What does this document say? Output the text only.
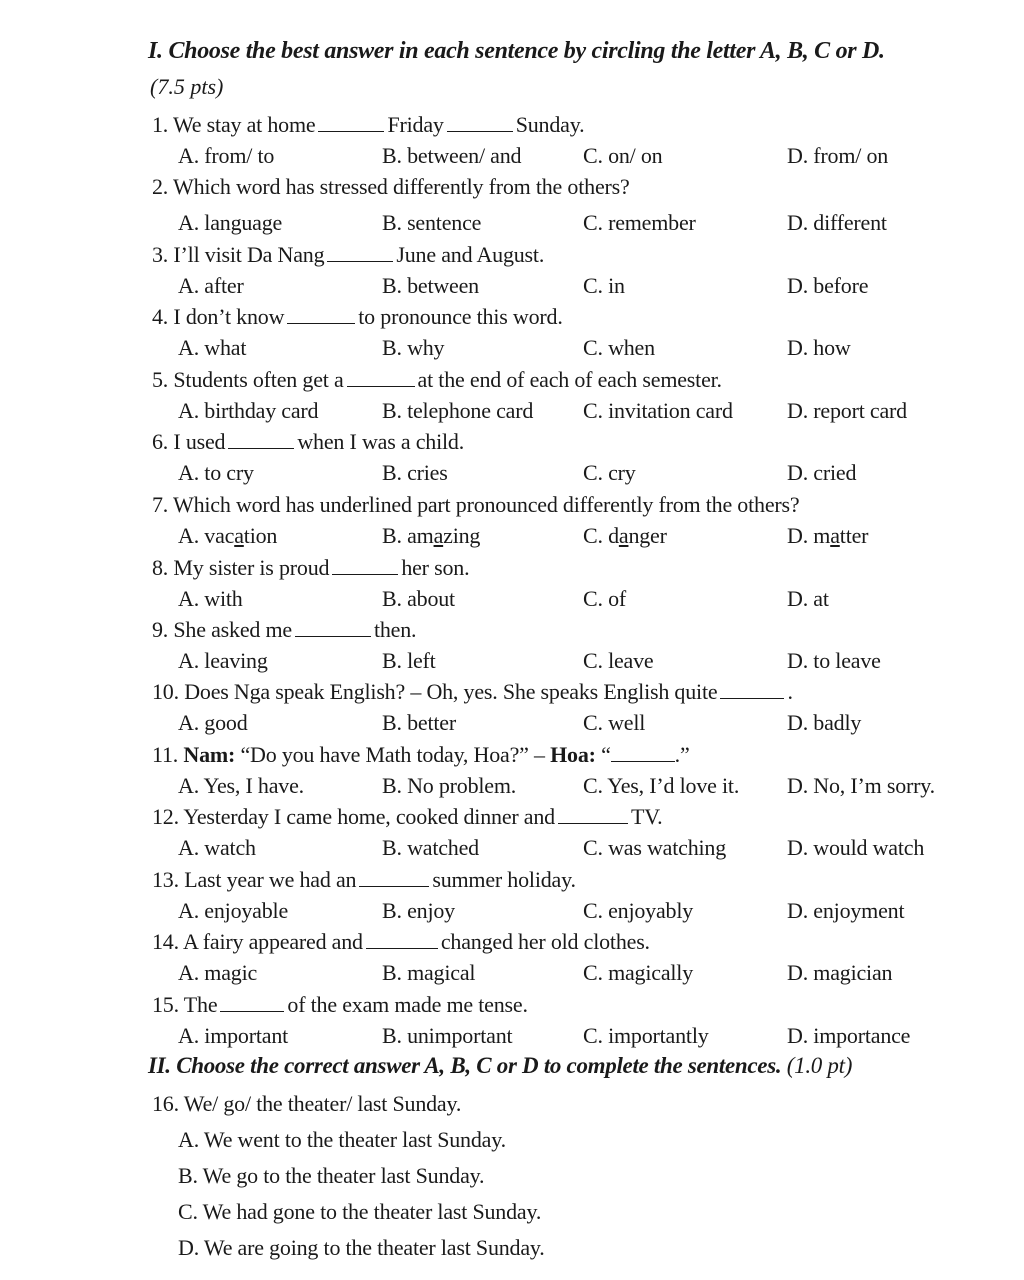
I. Choose the best answer in each sentence by circling the letter A, B, C or D.
(7.5 pts)
1. We stay at home	Friday	Sunday.
A. from/ to	B. between/ and	C. on/ on	D. from/ on
2. Which word has stressed differently from the others?
A. language	B. sentence	C. remember	D. different
3. I’ll visit Da Nang	June and August.
A. after	B. between	C. in	D. before
4. I don’t know	to pronounce this word.
A. what	B. why	C. when	D. how
5. Students often get a	at the end of each of each semester.
A. birthday card	B. telephone card C. invitation card D. report card
6. I used	when I was a child.
A. to cry	B. cries	C. cry	D. cried
7. Which word has underlined part pronounced differently from the others?
A. vacation	B. amazing	C. danger	D. matter
8. My sister is proud	her son.
A. with	B. about	C. of	D. at
9. She asked me	then.
A. leaving	B. left	C. leave	D. to leave
10. Does Nga speak English? – Oh, yes. She speaks English quite	.
A. good	B. better	C. well	D. badly
11. Nam: “Do you have Math today, Hoa?” – Hoa: “	.”
A. Yes, I have.	B. No problem.	C. Yes, I’d love it. D. No, I’m sorry.
12. Yesterday I came home, cooked dinner and	TV.
A. watch	B. watched	C. was watching	D. would watch
13. Last year we had an	summer holiday.
A. enjoyable	B. enjoy	C. enjoyably	D. enjoyment
14. A fairy appeared and	changed her old clothes.
A. magic	B. magical	C. magically	D. magician
15. The	of the exam made me tense.
A. important	B. unimportant	C. importantly	D. importance
II. Choose the correct answer A, B, C or D to complete the sentences. (1.0 pt)
16. We/ go/ the theater/ last Sunday.
A. We went to the theater last Sunday.
B. We go to the theater last Sunday.
C. We had gone to the theater last Sunday.
D. We are going to the theater last Sunday.
